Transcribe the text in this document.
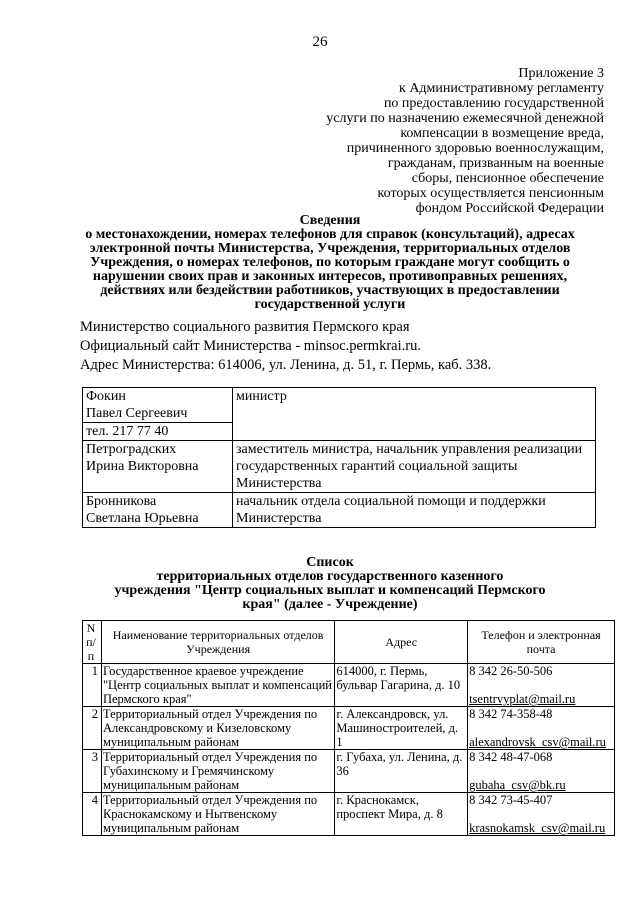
26
Приложение 3
к Административному регламенту
по предоставлению государственной
услуги по назначению ежемесячной денежной
компенсации в возмещение вреда,
причиненного здоровью военнослужащим,
гражданам, призванным на военные
сборы, пенсионное обеспечение
которых осуществляется пенсионным
фондом Российской Федерации
Сведения
о местонахождении, номерах телефонов для справок (консультаций), адресах
электронной почты Министерства, Учреждения, территориальных отделов
Учреждения, о номерах телефонов, по которым граждане могут сообщить о
нарушении своих прав и законных интересов, противоправных решениях,
действиях или бездействии работников, участвующих в предоставлении
государственной услуги
Министерство социального развития Пермского края
Официальный сайт Министерства - minsoc.permkrai.ru.
Адрес Министерства: 614006, ул. Ленина, д. 51, г. Пермь, каб. 338.
Фокин
Павел Сергеевич	министр
тел. 217 77 40	

Петроградских
Ирина Викторовна	заместитель министра, начальник управления реализации государственных гарантий социальной защиты Министерства

Бронникова
Светлана Юрьевна	начальник отдела социальной помощи и поддержки Министерства
Список
территориальных отделов государственного казенного
учреждения "Центр социальных выплат и компенсаций Пермского
края" (далее - Учреждение)
N п/п	Наименование территориальных отделов Учреждения	Адрес	Телефон и электронная почта
1	Государственное краевое учреждение "Центр социальных выплат и компенсаций Пермского края"	614000, г. Пермь, бульвар Гагарина, д. 10	8 342 26-50-506
tsentrvyplat@mail.ru
2	Территориальный отдел Учреждения по Александровскому и Кизеловскому муниципальным районам	г. Александровск, ул. Машиностроителей, д. 1	8 342 74-358-48
alexandrovsk_csv@mail.ru
3	Территориальный отдел Учреждения по Губахинскому и Гремячинскому муниципальным районам	г. Губаха, ул. Ленина, д. 36	8 342 48-47-068
gubaha_csv@bk.ru
4	Территориальный отдел Учреждения по Краснокамскому и Нытвенскому муниципальным районам	г. Краснокамск, проспект Мира, д. 8	8 342 73-45-407
krasnokamsk_csv@mail.ru
